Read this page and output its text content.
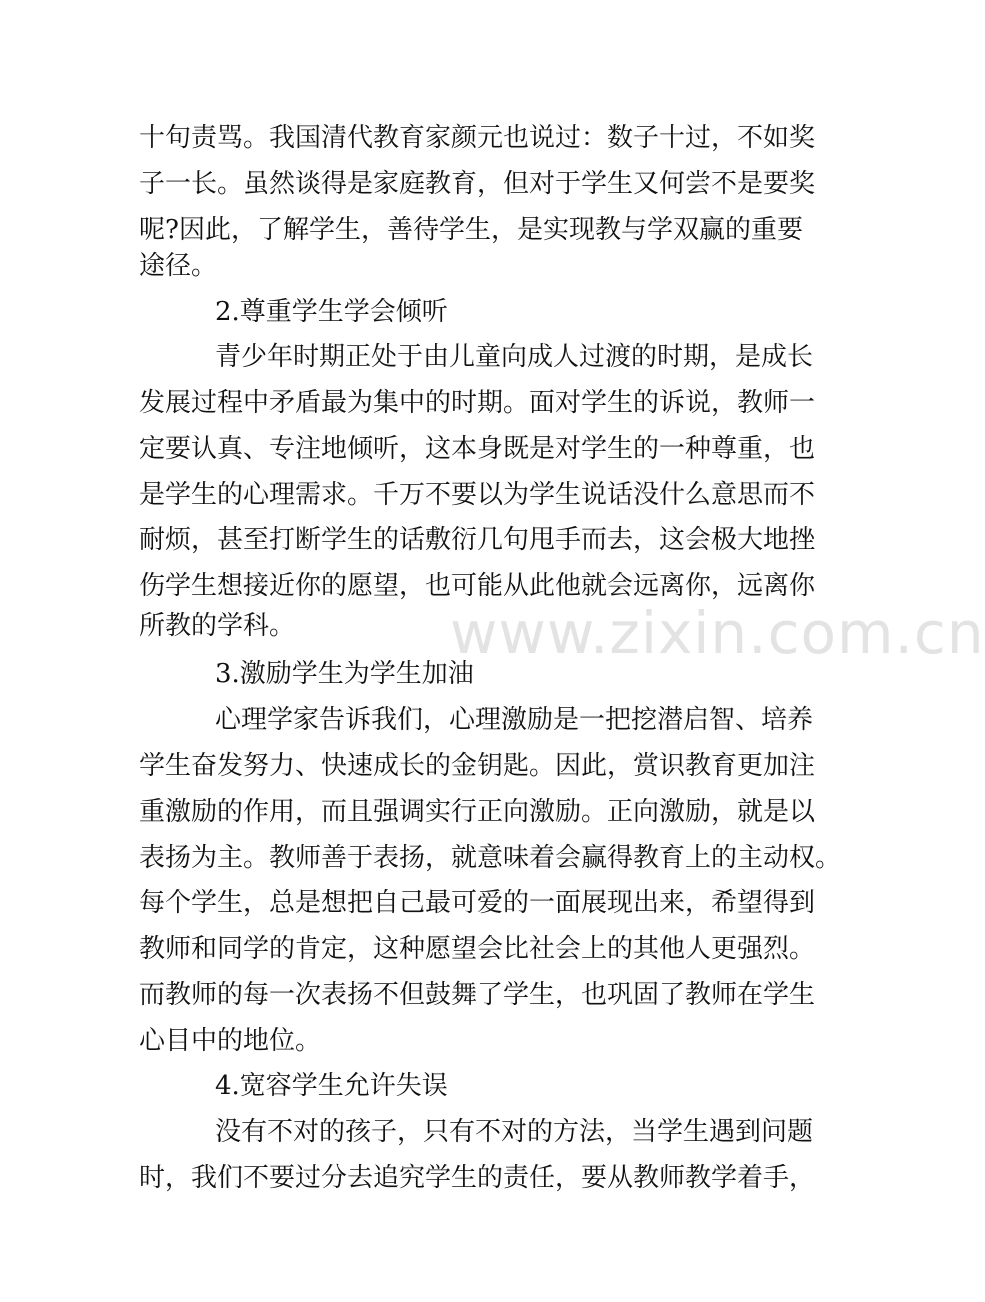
www.zixin.com.cn
十句责骂。我国清代教育家颜元也说过：数子十过，不如奖
子一长。虽然谈得是家庭教育，但对于学生又何尝不是要奖
呢?因此，了解学生，善待学生，是实现教与学双赢的重要
途径。
2.尊重学生学会倾听
青少年时期正处于由儿童向成人过渡的时期，是成长
发展过程中矛盾最为集中的时期。面对学生的诉说，教师一
定要认真、专注地倾听，这本身既是对学生的一种尊重，也
是学生的心理需求。千万不要以为学生说话没什么意思而不
耐烦，甚至打断学生的话敷衍几句甩手而去，这会极大地挫
伤学生想接近你的愿望，也可能从此他就会远离你，远离你
所教的学科。
3.激励学生为学生加油
心理学家告诉我们，心理激励是一把挖潜启智、培养
学生奋发努力、快速成长的金钥匙。因此，赏识教育更加注
重激励的作用，而且强调实行正向激励。正向激励，就是以
表扬为主。教师善于表扬，就意味着会赢得教育上的主动权。
每个学生，总是想把自己最可爱的一面展现出来，希望得到
教师和同学的肯定，这种愿望会比社会上的其他人更强烈。
而教师的每一次表扬不但鼓舞了学生，也巩固了教师在学生
心目中的地位。
4.宽容学生允许失误
没有不对的孩子，只有不对的方法，当学生遇到问题
时，我们不要过分去追究学生的责任，要从教师教学着手，
